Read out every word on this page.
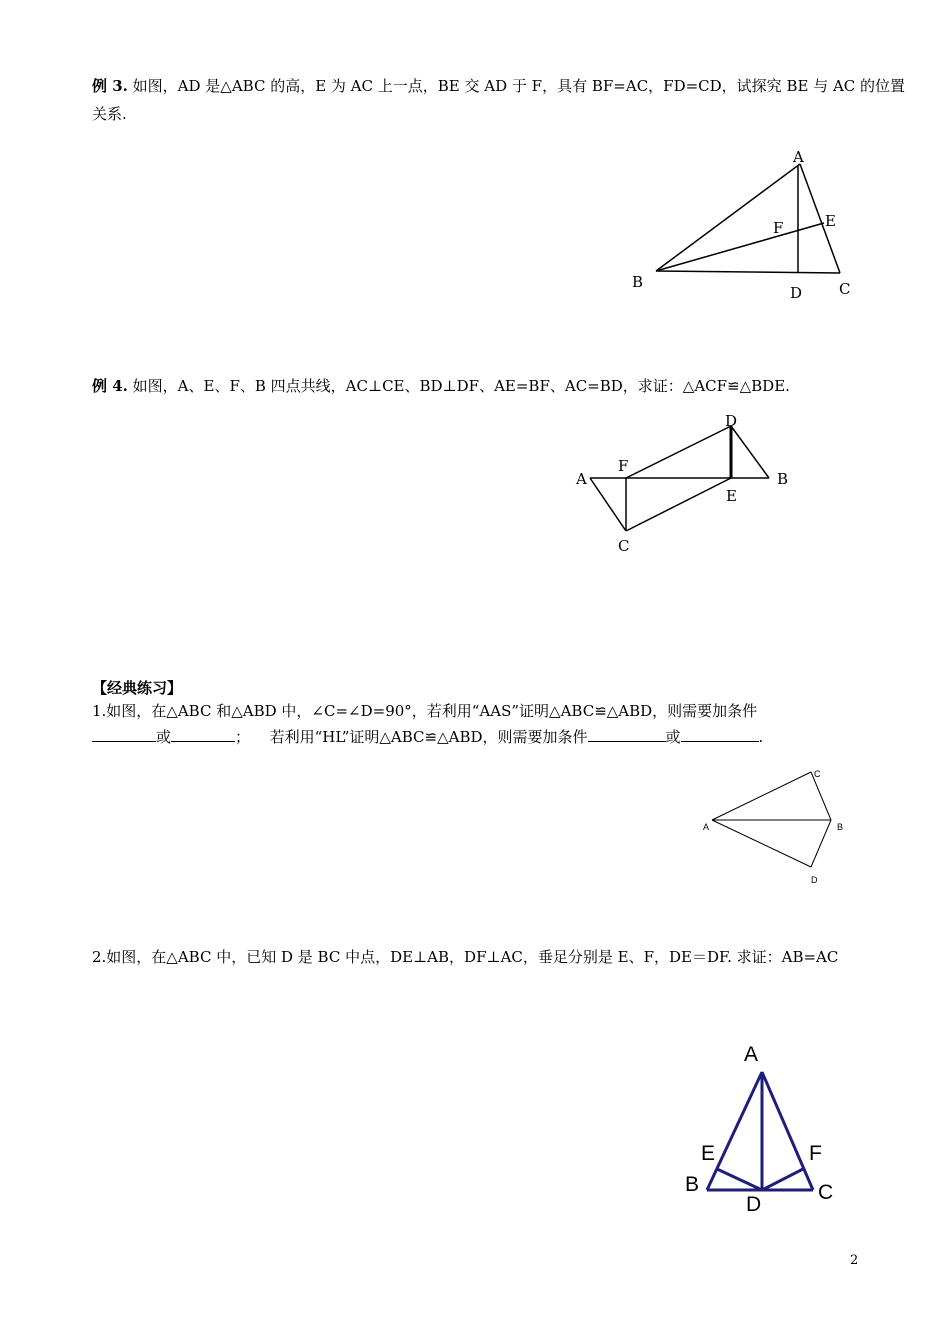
例 3. 如图，AD 是△ABC 的高，E 为 AC 上一点，BE 交 AD 于 F，具有 BF=AC，FD=CD，试探究 BE 与 AC 的位置
关系.
A
B	C
D
E
F
例 4. 如图，A、E、F、B 四点共线，AC⊥CE、BD⊥DF、AE=BF、AC=BD，求证：△ACF≌△BDE.
D
F
A	B
E
C
【经典练习】
1.如图，在△ABC 和△ABD 中，∠C=∠D=90°，若利用“AAS”证明△ABC≌△ABD，则需要加条件
或	； 若利用“HL”证明△ABC≌△ABD，则需要加条件	或	.
C
A	B
D
2.如图，在△ABC 中，已知 D 是 BC 中点，DE⊥AB，DF⊥AC，垂足分别是 E、F，DE＝DF. 求证：AB=AC
A
E	F
B	C
D
2
